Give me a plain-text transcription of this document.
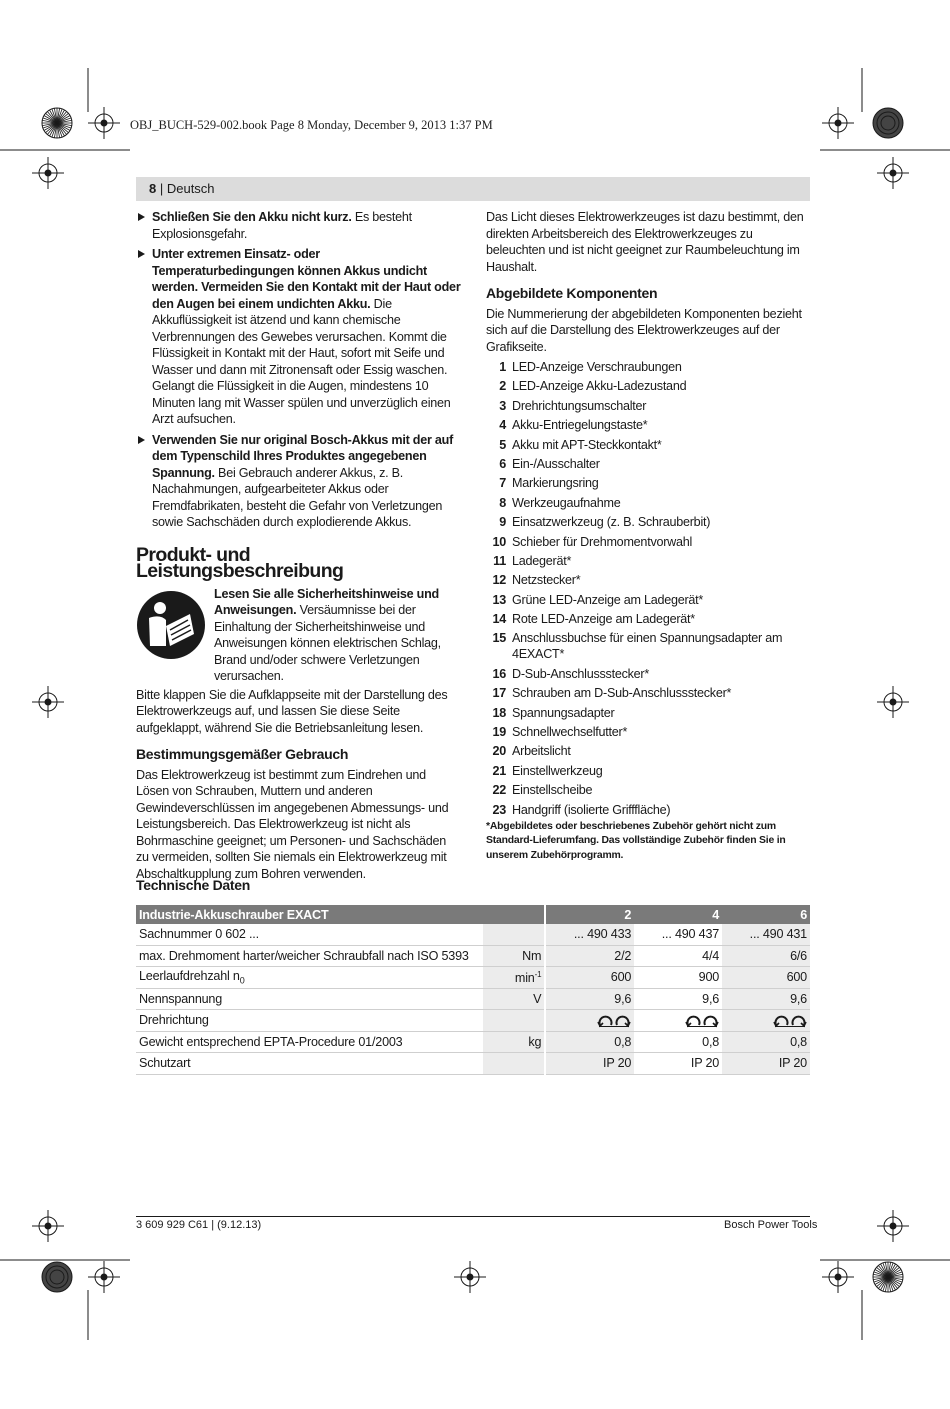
OBJ_BUCH-529-002.book Page 8 Monday, December 9, 2013 1:37 PM
8 | Deutsch
Schließen Sie den Akku nicht kurz. Es besteht Explosionsgefahr.
Unter extremen Einsatz- oder Temperaturbedingungen können Akkus undicht werden. Vermeiden Sie den Kontakt mit der Haut oder den Augen bei einem undichten Akku. Die Akkuflüssigkeit ist ätzend und kann chemische Verbrennungen des Gewebes verursachen. Kommt die Flüssigkeit in Kontakt mit der Haut, sofort mit Seife und Wasser und dann mit Zitronensaft oder Essig waschen. Gelangt die Flüssigkeit in die Augen, mindestens 10 Minuten lang mit Wasser spülen und unverzüglich einen Arzt aufsuchen.
Verwenden Sie nur original Bosch-Akkus mit der auf dem Typenschild Ihres Produktes angegebenen Spannung. Bei Gebrauch anderer Akkus, z. B. Nachahmungen, aufgearbeiteter Akkus oder Fremdfabrikaten, besteht die Gefahr von Verletzungen sowie Sachschäden durch explodierende Akkus.
Produkt- und Leistungsbeschreibung
Lesen Sie alle Sicherheitshinweise und Anweisungen. Versäumnisse bei der Einhaltung der Sicherheitshinweise und Anweisungen können elektrischen Schlag, Brand und/oder schwere Verletzungen verursachen.
Bitte klappen Sie die Aufklappseite mit der Darstellung des Elektrowerkzeugs auf, und lassen Sie diese Seite aufgeklappt, während Sie die Betriebsanleitung lesen.
Bestimmungsgemäßer Gebrauch
Das Elektrowerkzeug ist bestimmt zum Eindrehen und Lösen von Schrauben, Muttern und anderen Gewindeverschlüssen im angegebenen Abmessungs- und Leistungsbereich. Das Elektrowerkzeug ist nicht als Bohrmaschine geeignet; um Personen- und Sachschäden zu vermeiden, sollten Sie niemals ein Elektrowerkzeug mit Abschaltkupplung zum Bohren verwenden.
Das Licht dieses Elektrowerkzeuges ist dazu bestimmt, den direkten Arbeitsbereich des Elektrowerkzeuges zu beleuchten und ist nicht geeignet zur Raumbeleuchtung im Haushalt.
Abgebildete Komponenten
Die Nummerierung der abgebildeten Komponenten bezieht sich auf die Darstellung des Elektrowerkzeuges auf der Grafikseite.
1 LED-Anzeige Verschraubungen
2 LED-Anzeige Akku-Ladezustand
3 Drehrichtungsumschalter
4 Akku-Entriegelungstaste*
5 Akku mit APT-Steckkontakt*
6 Ein-/Ausschalter
7 Markierungsring
8 Werkzeugaufnahme
9 Einsatzwerkzeug (z. B. Schrauberbit)
10 Schieber für Drehmomentvorwahl
11 Ladegerät*
12 Netzstecker*
13 Grüne LED-Anzeige am Ladegerät*
14 Rote LED-Anzeige am Ladegerät*
15 Anschlussbuchse für einen Spannungsadapter am 4EXACT*
16 D-Sub-Anschlussstecker*
17 Schrauben am D-Sub-Anschlussstecker*
18 Spannungsadapter
19 Schnellwechselfutter*
20 Arbeitslicht
21 Einstellwerkzeug
22 Einstellscheibe
23 Handgriff (isolierte Grifffläche)
*Abgebildetes oder beschriebenes Zubehör gehört nicht zum Standard-Lieferumfang. Das vollständige Zubehör finden Sie in unserem Zubehörprogramm.
Technische Daten
Industrie-Akkuschrauber EXACT		2	4	6
Sachnummer 0 602 ...		... 490 433	... 490 437	... 490 431
max. Drehmoment harter/weicher Schraubfall nach ISO 5393	Nm	2/2	4/4	6/6
Leerlaufdrehzahl $n_0$	$\min^{-1}$	600	900	600
Nennspannung	V	9,6	9,6	9,6
Drehrichtung				
Gewicht entsprechend EPTA-Procedure 01/2003	kg	0,8	0,8	0,8
Schutzart		IP 20	IP 20	IP 20
3 609 929 C61 | (9.12.13)	Bosch Power Tools
